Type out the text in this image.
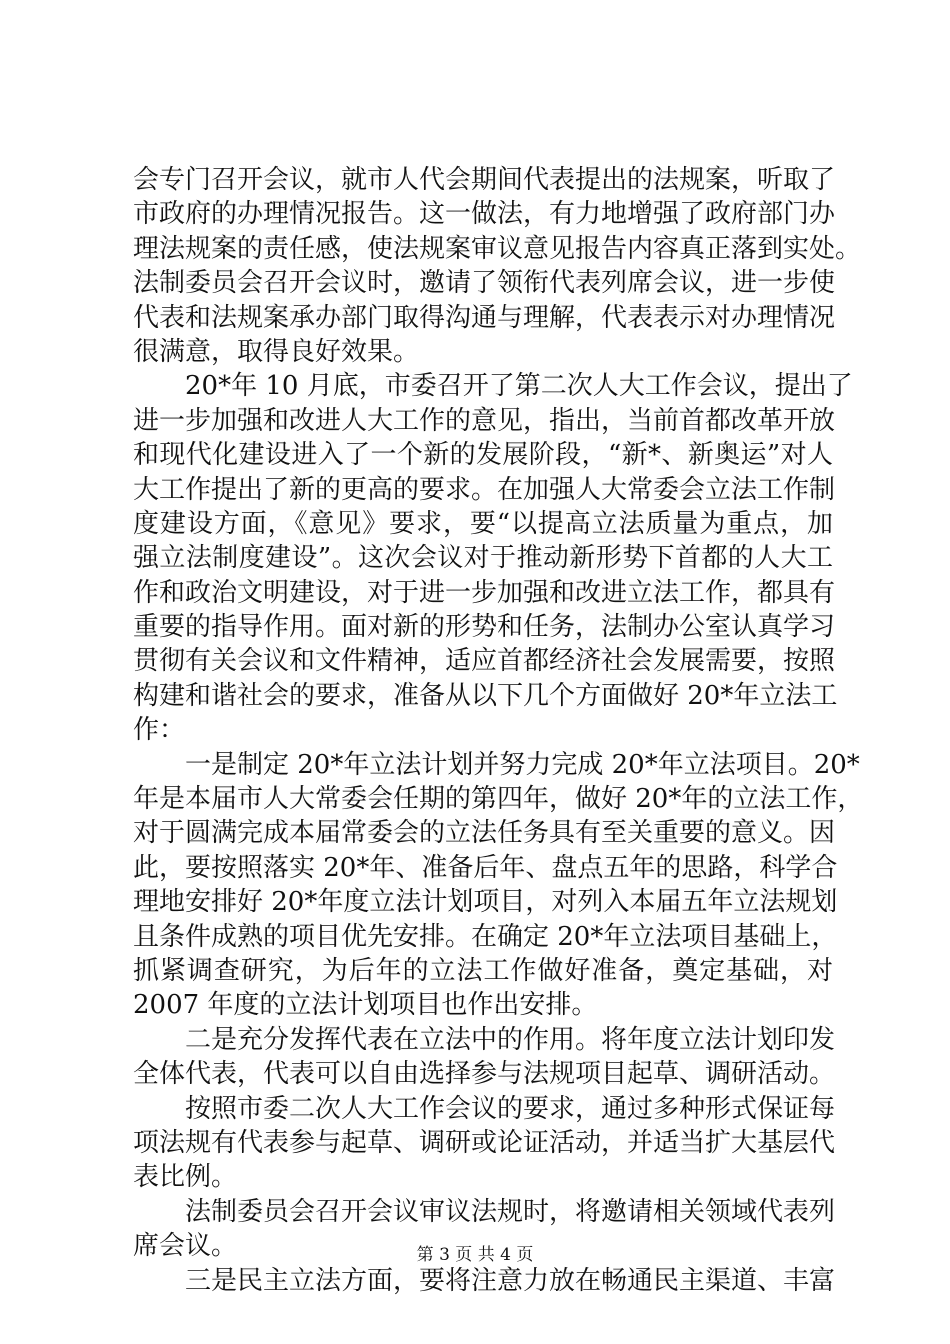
会专门召开会议，就市人代会期间代表提出的法规案，听取了
市政府的办理情况报告。这一做法，有力地增强了政府部门办
理法规案的责任感，使法规案审议意见报告内容真正落到实处。
法制委员会召开会议时，邀请了领衔代表列席会议，进一步使
代表和法规案承办部门取得沟通与理解，代表表示对办理情况
很满意，取得良好效果。
20*年 10 月底，市委召开了第二次人大工作会议，提出了
进一步加强和改进人大工作的意见，指出，当前首都改革开放
和现代化建设进入了一个新的发展阶段，“新*、新奥运”对人
大工作提出了新的更高的要求。在加强人大常委会立法工作制
度建设方面，《意见》要求，要“以提高立法质量为重点，加
强立法制度建设”。这次会议对于推动新形势下首都的人大工
作和政治文明建设，对于进一步加强和改进立法工作，都具有
重要的指导作用。面对新的形势和任务，法制办公室认真学习
贯彻有关会议和文件精神，适应首都经济社会发展需要，按照
构建和谐社会的要求，准备从以下几个方面做好 20*年立法工
作：
一是制定 20*年立法计划并努力完成 20*年立法项目。20*
年是本届市人大常委会任期的第四年，做好 20*年的立法工作，
对于圆满完成本届常委会的立法任务具有至关重要的意义。因
此，要按照落实 20*年、准备后年、盘点五年的思路，科学合
理地安排好 20*年度立法计划项目，对列入本届五年立法规划
且条件成熟的项目优先安排。在确定 20*年立法项目基础上，
抓紧调查研究，为后年的立法工作做好准备，奠定基础，对
2007 年度的立法计划项目也作出安排。
二是充分发挥代表在立法中的作用。将年度立法计划印发
全体代表，代表可以自由选择参与法规项目起草、调研活动。
按照市委二次人大工作会议的要求，通过多种形式保证每
项法规有代表参与起草、调研或论证活动，并适当扩大基层代
表比例。
法制委员会召开会议审议法规时，将邀请相关领域代表列
席会议。
三是民主立法方面，要将注意力放在畅通民主渠道、丰富
第 3 页 共 4 页
